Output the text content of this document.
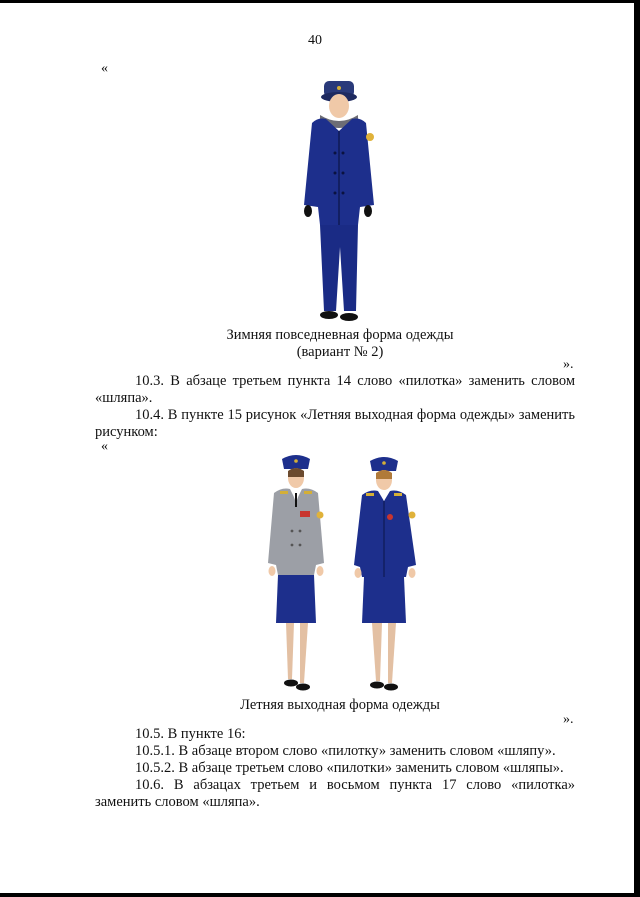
40
«
Зимняя повседневная форма одежды
(вариант № 2)
».
10.3. В абзаце третьем пункта 14 слово «пилотка» заменить словом «шляпа».
10.4. В пункте 15 рисунок «Летняя выходная форма одежды» заменить рисунком:
«
Летняя выходная форма одежды
».
10.5. В пункте 16:
10.5.1. В абзаце втором слово «пилотку» заменить словом «шляпу».
10.5.2. В абзаце третьем слово «пилотки» заменить словом «шляпы».
10.6. В абзацах третьем и восьмом пункта 17 слово «пилотка» заменить словом «шляпа».
